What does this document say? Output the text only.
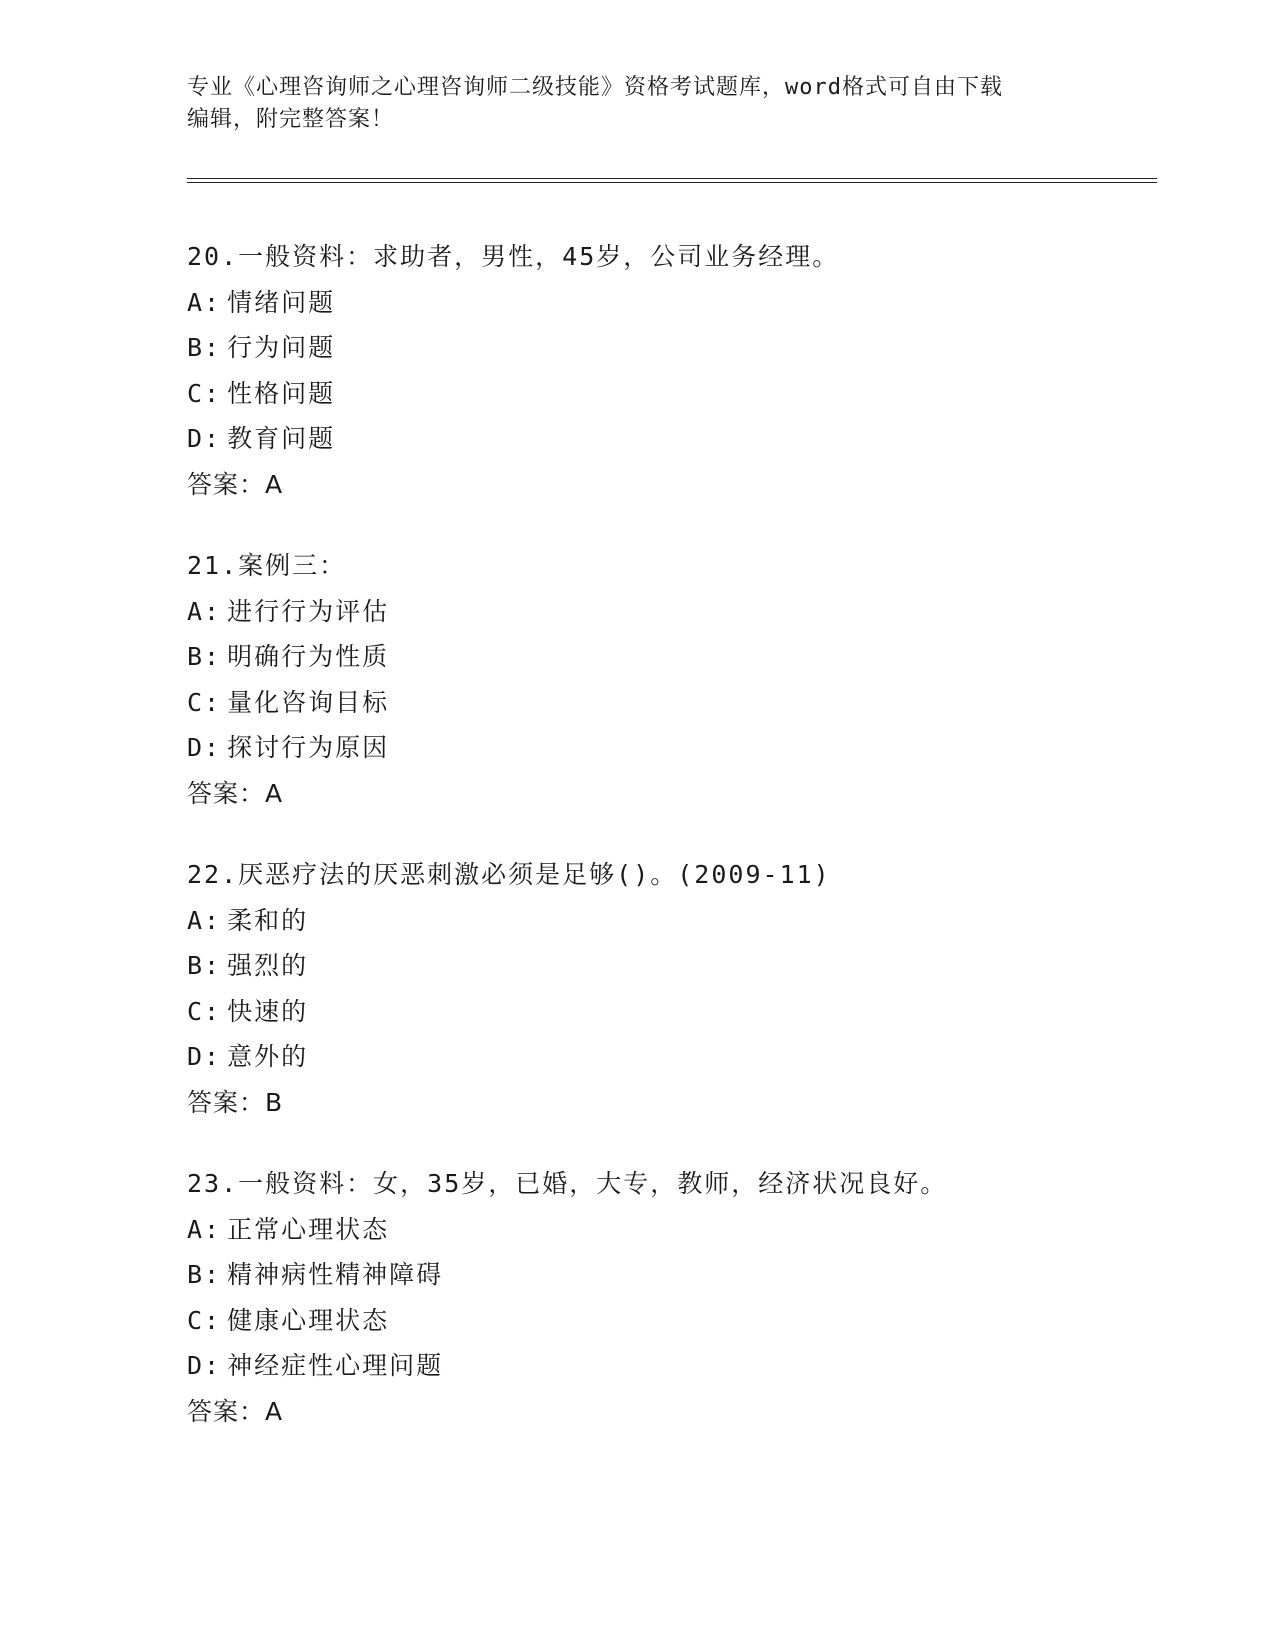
专业《心理咨询师之心理咨询师二级技能》资格考试题库，word格式可自由下载

编辑，附完整答案！

20.一般资料：求助者，男性，45岁，公司业务经理。
A: 情绪问题
B: 行为问题
C: 性格问题
D: 教育问题
答案：A
21.案例三：
A: 进行行为评估
B: 明确行为性质
C: 量化咨询目标
D: 探讨行为原因
答案：A
22.厌恶疗法的厌恶刺激必须是足够()。(2009-11)
A: 柔和的
B: 强烈的
C: 快速的
D: 意外的
答案：B
23.一般资料：女，35岁，已婚，大专，教师，经济状况良好。
A: 正常心理状态
B: 精神病性精神障碍
C: 健康心理状态
D: 神经症性心理问题
答案：A
